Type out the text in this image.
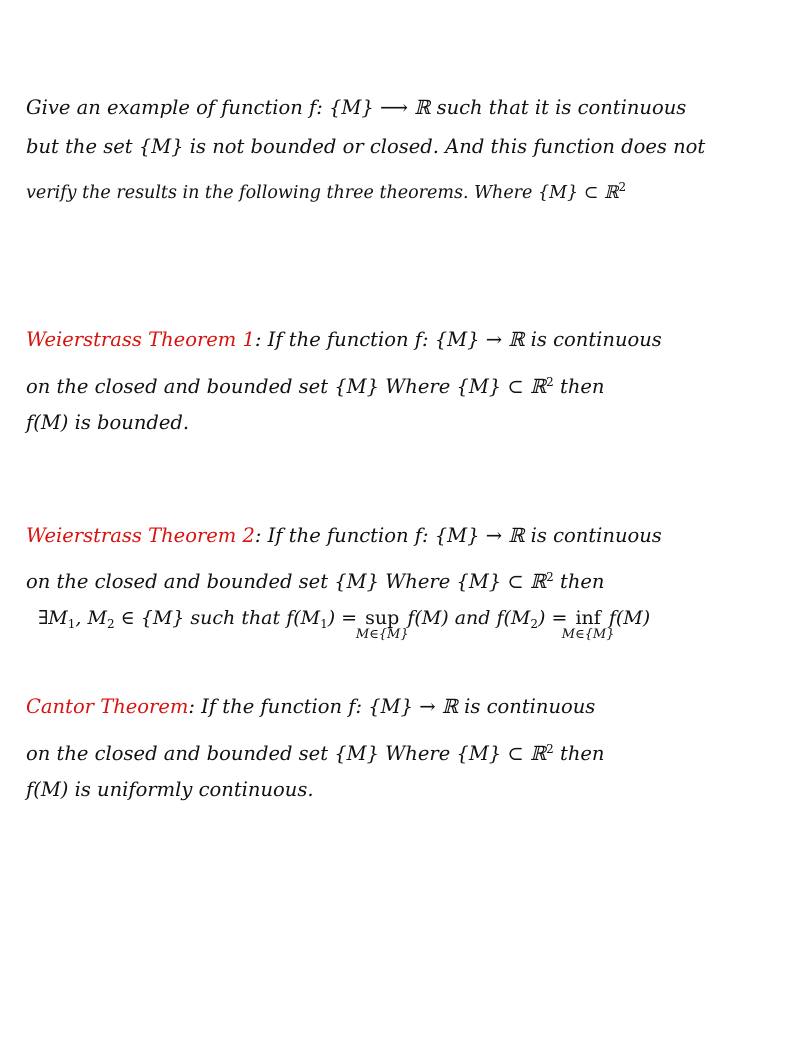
Give an example of function f: {M} ⟶ ℝ such that it is continuous
but the set {M} is not bounded or closed. And this function does not
verify the results in the following three theorems. Where {M} ⊂ ℝ$^2$
Weierstrass Theorem 1: If the function f: {M} → ℝ is continuous
on the closed and bounded set {M} Where {M} ⊂ ℝ$^2$ then
f(M) is bounded.
Weierstrass Theorem 2: If the function f: {M} → ℝ is continuous
on the closed and bounded set {M} Where {M} ⊂ ℝ$^2$ then
$\exists M_1$, $M_2$ ∈ {M} such that $f(M_1)$ = sup
M∈{M}
f(M) and $f(M_2)$ = inf
M∈{M}
f(M)
Cantor Theorem: If the function f: {M} → ℝ is continuous
on the closed and bounded set {M} Where {M} ⊂ ℝ$^2$ then
f(M) is uniformly continuous.
